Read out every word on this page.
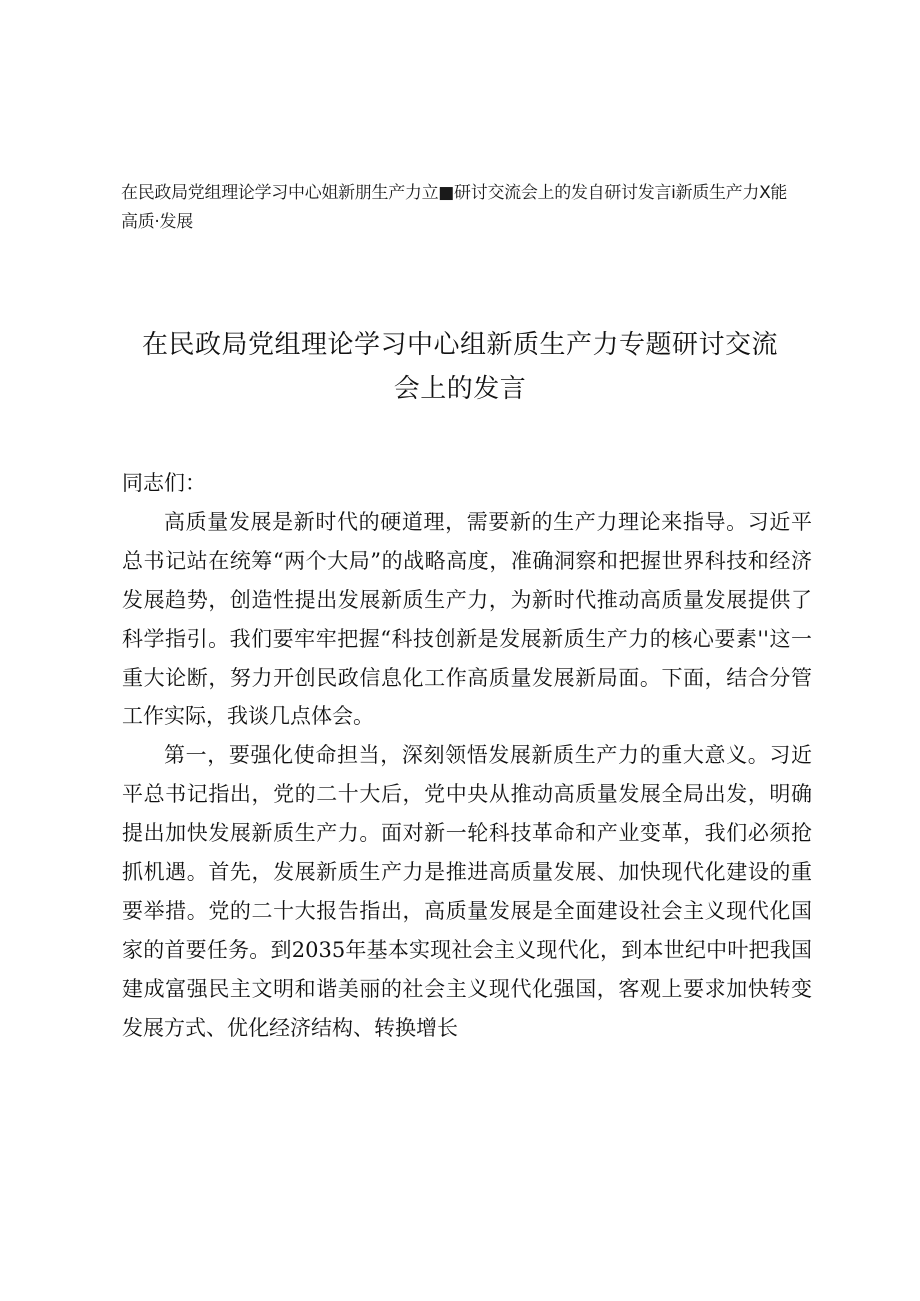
在民政局党组理论学习中心姐新朋生产力立■研讨交流会上的发自研讨发言i新质生产力X能
高质·发展
在民政局党组理论学习中心组新质生产力专题研讨交流
会上的发言

同志们：

高质量发展是新时代的硬道理，需要新的生产力理论来指导。习近平总书记站在统筹“两个大局”的战略高度，准确洞察和把握世界科技和经济发展趋势，创造性提出发展新质生产力，为新时代推动高质量发展提供了科学指引。我们要牢牢把握“科技创新是发展新质生产力的核心要素''这一重大论断，努力开创民政信息化工作高质量发展新局面。下面，结合分管工作实际，我谈几点体会。

第一，要强化使命担当，深刻领悟发展新质生产力的重大意义。习近平总书记指出，党的二十大后，党中央从推动高质量发展全局出发，明确提出加快发展新质生产力。面对新一轮科技革命和产业变革，我们必须抢抓机遇。首先，发展新质生产力是推进高质量发展、加快现代化建设的重要举措。党的二十大报告指出，高质量发展是全面建设社会主义现代化国家的首要任务。到2035年基本实现社会主义现代化，到本世纪中叶把我国建成富强民主文明和谐美丽的社会主义现代化强国，客观上要求加快转变发展方式、优化经济结构、转换增长
